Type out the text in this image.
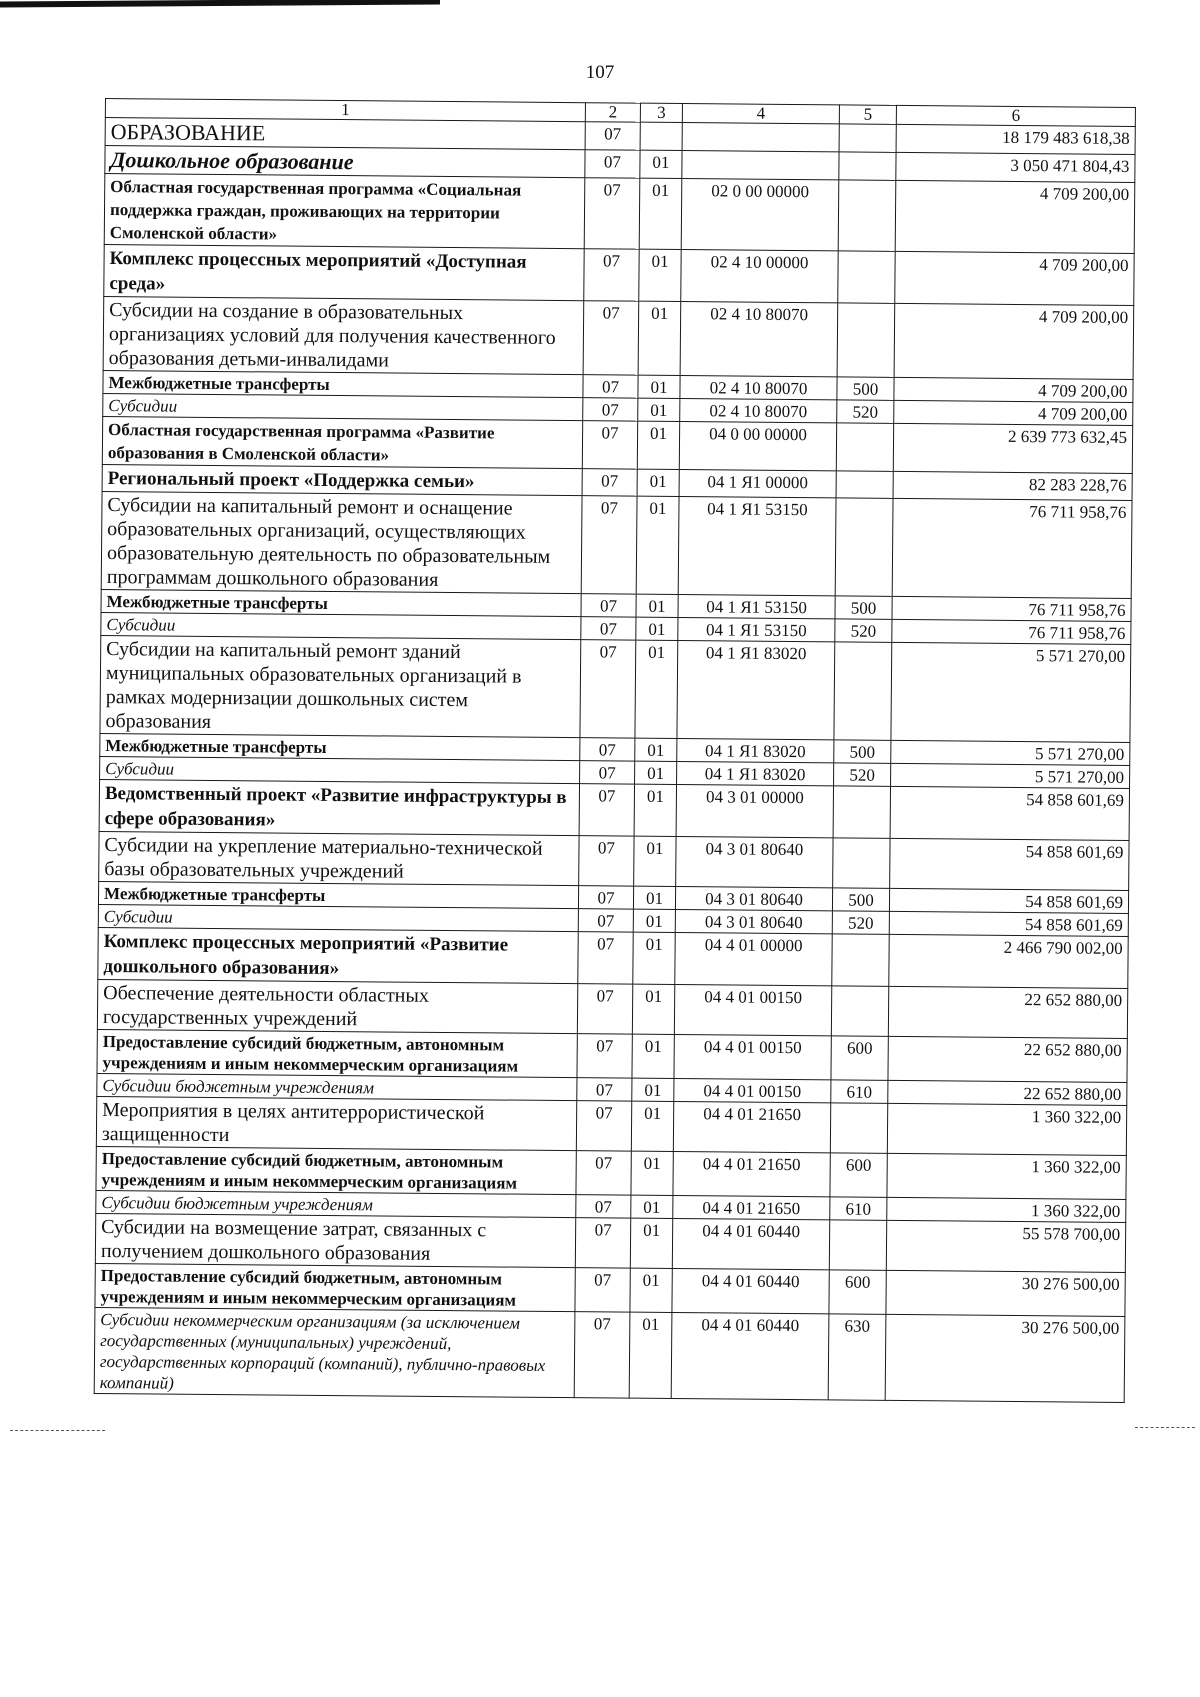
107
1	2	3	4	5	6
ОБРАЗОВАНИЕ	07				18 179 483 618,38
Дошкольное образование	07	01			3 050 471 804,43
Областная государственная программа «Социальная поддержка граждан, проживающих на территории Смоленской области»	07	01	02 0 00 00000		4 709 200,00
Комплекс процессных мероприятий «Доступная среда»	07	01	02 4 10 00000		4 709 200,00
Субсидии на создание в образовательных организациях условий для получения качественного образования детьми-инвалидами	07	01	02 4 10 80070		4 709 200,00
Межбюджетные трансферты	07	01	02 4 10 80070	500	4 709 200,00
Субсидии	07	01	02 4 10 80070	520	4 709 200,00
Областная государственная программа «Развитие образования в Смоленской области»	07	01	04 0 00 00000		2 639 773 632,45
Региональный проект «Поддержка семьи»	07	01	04 1 Я1 00000		82 283 228,76
Субсидии на капитальный ремонт и оснащение образовательных организаций, осуществляющих образовательную деятельность по образовательным программам дошкольного образования	07	01	04 1 Я1 53150		76 711 958,76
Межбюджетные трансферты	07	01	04 1 Я1 53150	500	76 711 958,76
Субсидии	07	01	04 1 Я1 53150	520	76 711 958,76
Субсидии на капитальный ремонт зданий муниципальных образовательных организаций в рамках модернизации дошкольных систем образования	07	01	04 1 Я1 83020		5 571 270,00
Межбюджетные трансферты	07	01	04 1 Я1 83020	500	5 571 270,00
Субсидии	07	01	04 1 Я1 83020	520	5 571 270,00
Ведомственный проект «Развитие инфраструктуры в сфере образования»	07	01	04 3 01 00000		54 858 601,69
Субсидии на укрепление материально-технической базы образовательных учреждений	07	01	04 3 01 80640		54 858 601,69
Межбюджетные трансферты	07	01	04 3 01 80640	500	54 858 601,69
Субсидии	07	01	04 3 01 80640	520	54 858 601,69
Комплекс процессных мероприятий «Развитие дошкольного образования»	07	01	04 4 01 00000		2 466 790 002,00
Обеспечение деятельности областных государственных учреждений	07	01	04 4 01 00150		22 652 880,00
Предоставление субсидий бюджетным, автономным учреждениям и иным некоммерческим организациям	07	01	04 4 01 00150	600	22 652 880,00
Субсидии бюджетным учреждениям	07	01	04 4 01 00150	610	22 652 880,00
Мероприятия в целях антитеррористической защищенности	07	01	04 4 01 21650		1 360 322,00
Предоставление субсидий бюджетным, автономным учреждениям и иным некоммерческим организациям	07	01	04 4 01 21650	600	1 360 322,00
Субсидии бюджетным учреждениям	07	01	04 4 01 21650	610	1 360 322,00
Субсидии на возмещение затрат, связанных с получением дошкольного образования	07	01	04 4 01 60440		55 578 700,00
Предоставление субсидий бюджетным, автономным учреждениям и иным некоммерческим организациям	07	01	04 4 01 60440	600	30 276 500,00
Субсидии некоммерческим организациям (за исключением государственных (муниципальных) учреждений, государственных корпораций (компаний), публично-правовых компаний)	07	01	04 4 01 60440	630	30 276 500,00
